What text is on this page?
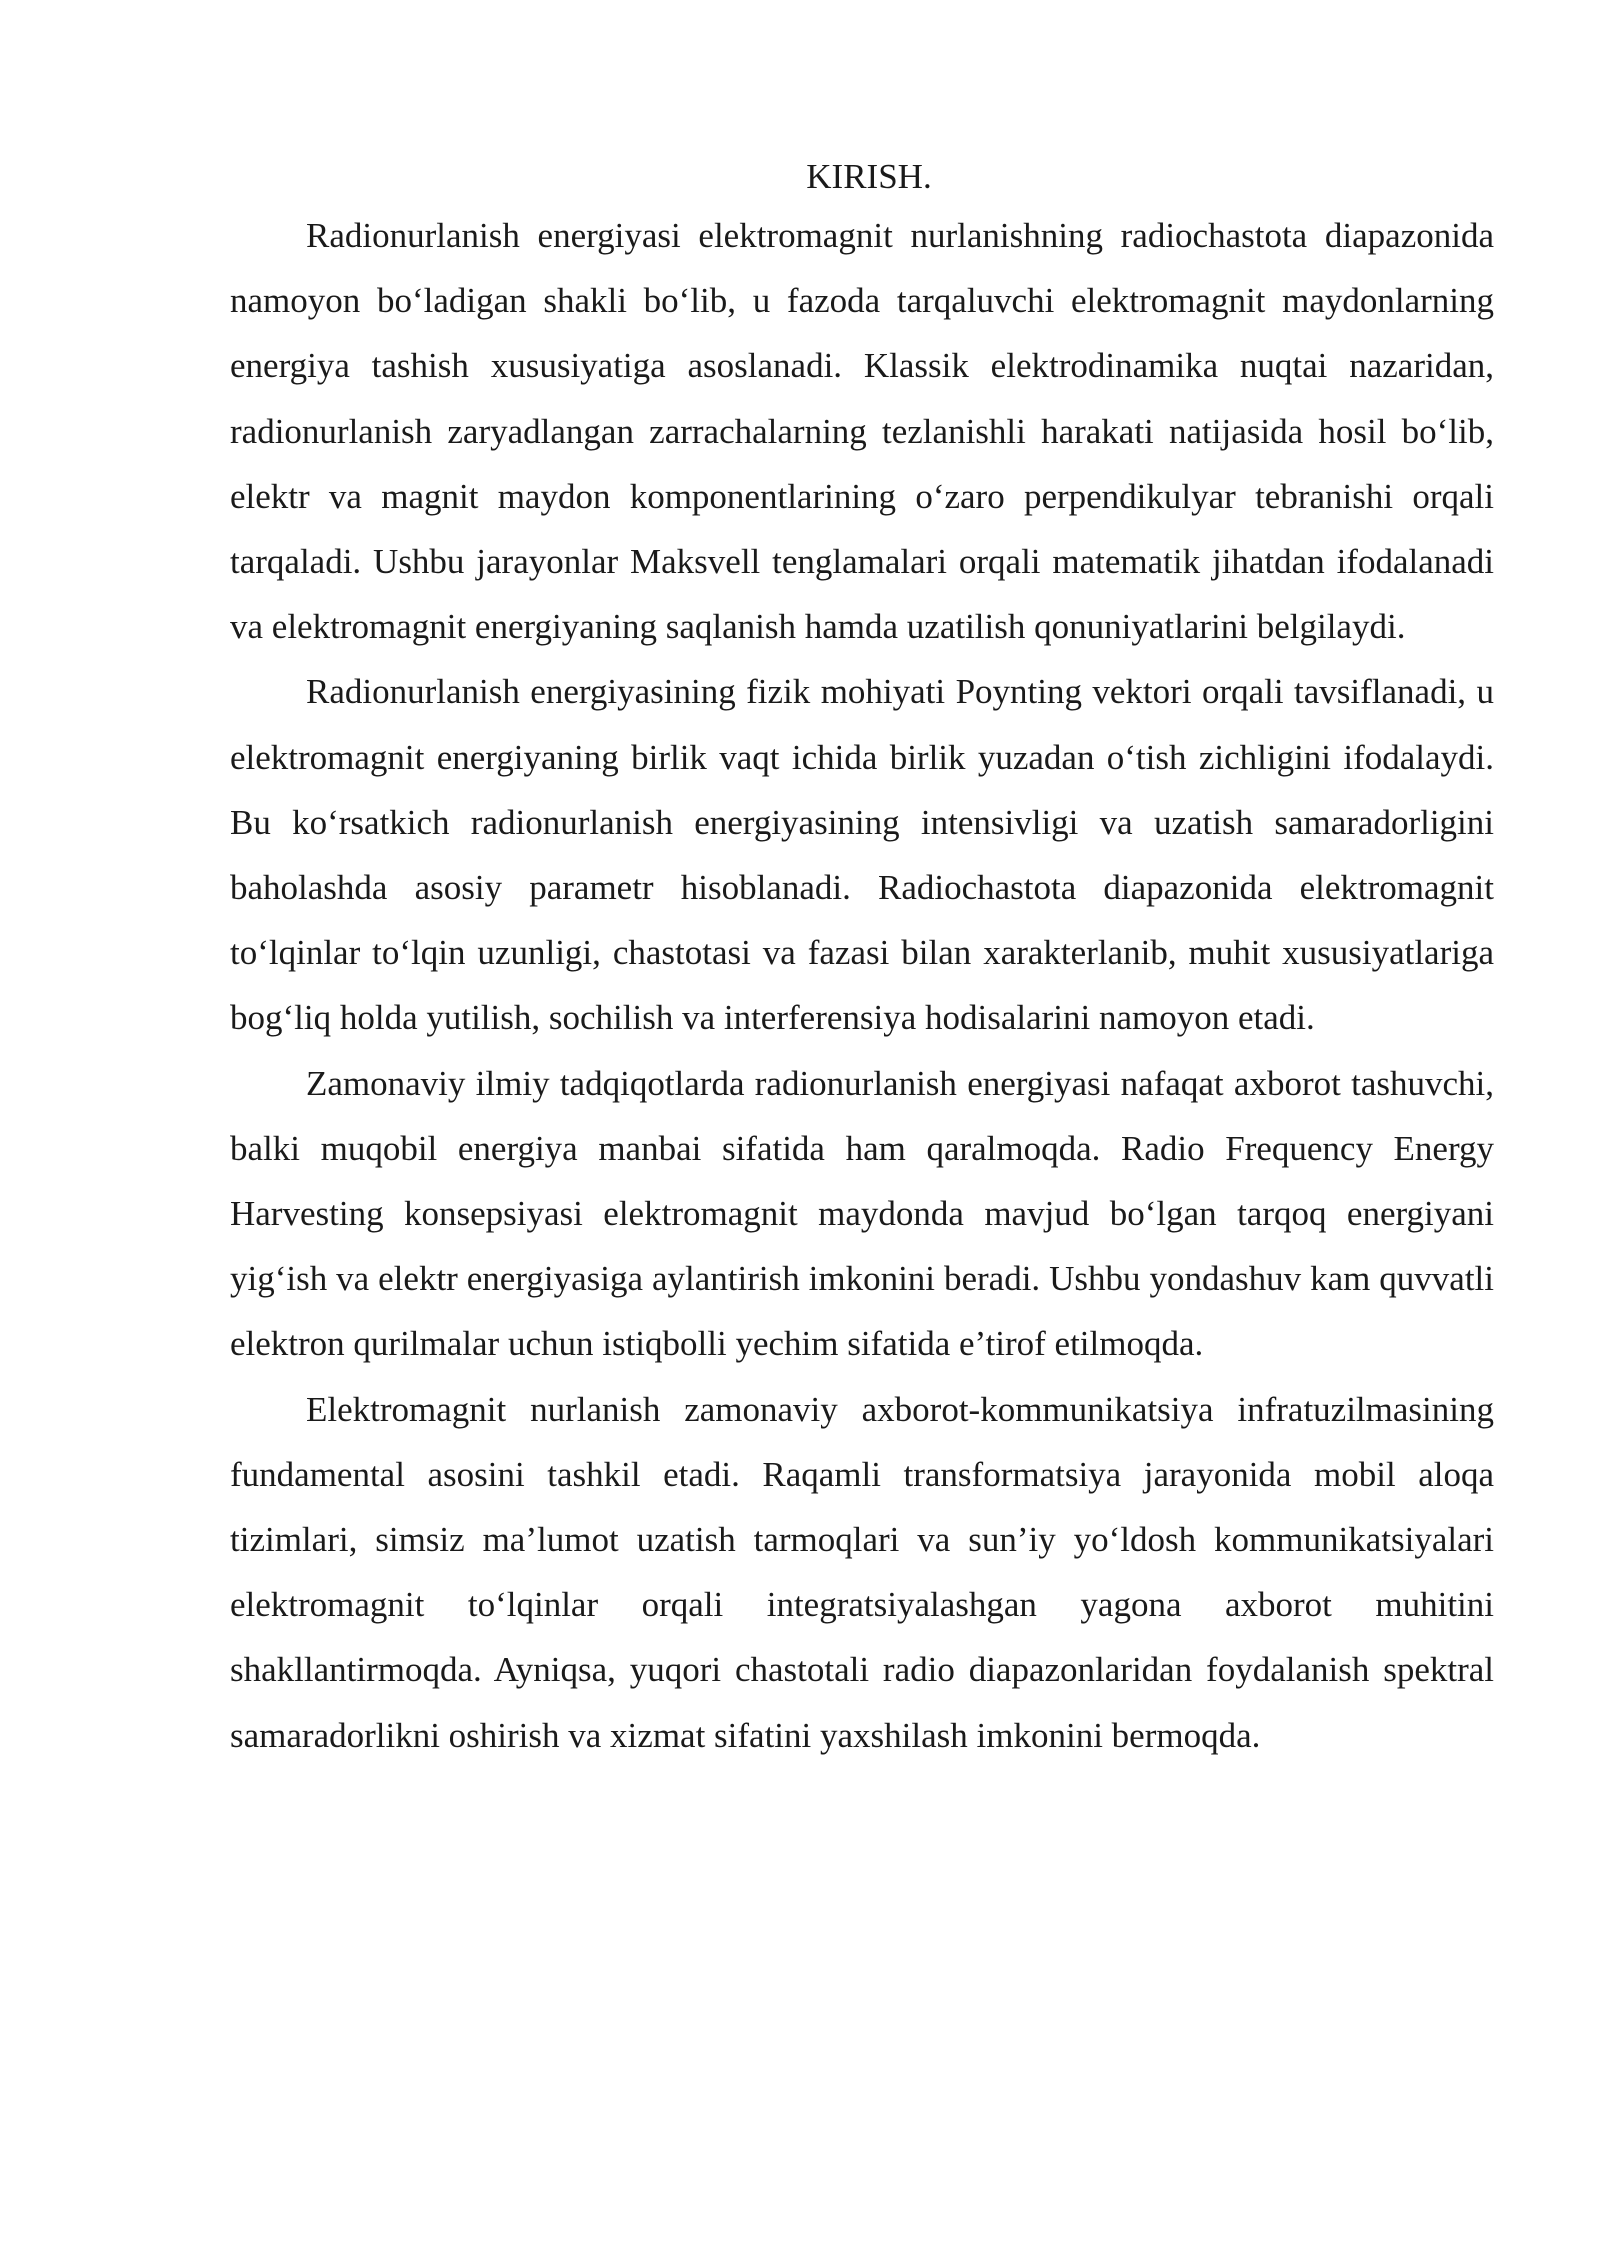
KIRISH.

Radionurlanish energiyasi elektromagnit nurlanishning radiochastota diapazonida namoyon bo‘ladigan shakli bo‘lib, u fazoda tarqaluvchi elektromagnit maydonlarning energiya tashish xususiyatiga asoslanadi. Klassik elektrodinamika nuqtai nazaridan, radionurlanish zaryadlangan zarrachalarning tezlanishli harakati natijasida hosil bo‘lib, elektr va magnit maydon komponentlarining o‘zaro perpendikulyar tebranishi orqali tarqaladi. Ushbu jarayonlar Maksvell tenglamalari orqali matematik jihatdan ifodalanadi va elektromagnit energiyaning saqlanish hamda uzatilish qonuniyatlarini belgilaydi.

Radionurlanish energiyasining fizik mohiyati Poynting vektori orqali tavsiflanadi, u elektromagnit energiyaning birlik vaqt ichida birlik yuzadan o‘tish zichligini ifodalaydi. Bu ko‘rsatkich radionurlanish energiyasining intensivligi va uzatish samaradorligini baholashda asosiy parametr hisoblanadi. Radiochastota diapazonida elektromagnit to‘lqinlar to‘lqin uzunligi, chastotasi va fazasi bilan xarakterlanib, muhit xususiyatlariga bog‘liq holda yutilish, sochilish va interferensiya hodisalarini namoyon etadi.

Zamonaviy ilmiy tadqiqotlarda radionurlanish energiyasi nafaqat axborot tashuvchi, balki muqobil energiya manbai sifatida ham qaralmoqda. Radio Frequency Energy Harvesting konsepsiyasi elektromagnit maydonda mavjud bo‘lgan tarqoq energiyani yig‘ish va elektr energiyasiga aylantirish imkonini beradi. Ushbu yondashuv kam quvvatli elektron qurilmalar uchun istiqbolli yechim sifatida e’tirof etilmoqda.

Elektromagnit nurlanish zamonaviy axborot-kommunikatsiya infratuzilmasining fundamental asosini tashkil etadi. Raqamli transformatsiya jarayonida mobil aloqa tizimlari, simsiz ma’lumot uzatish tarmoqlari va sun’iy yo‘ldosh kommunikatsiyalari elektromagnit to‘lqinlar orqali integratsiyalashgan yagona axborot muhitini shakllantirmoqda. Ayniqsa, yuqori chastotali radio diapazonlaridan foydalanish spektral samaradorlikni oshirish va xizmat sifatini yaxshilash imkonini bermoqda.
